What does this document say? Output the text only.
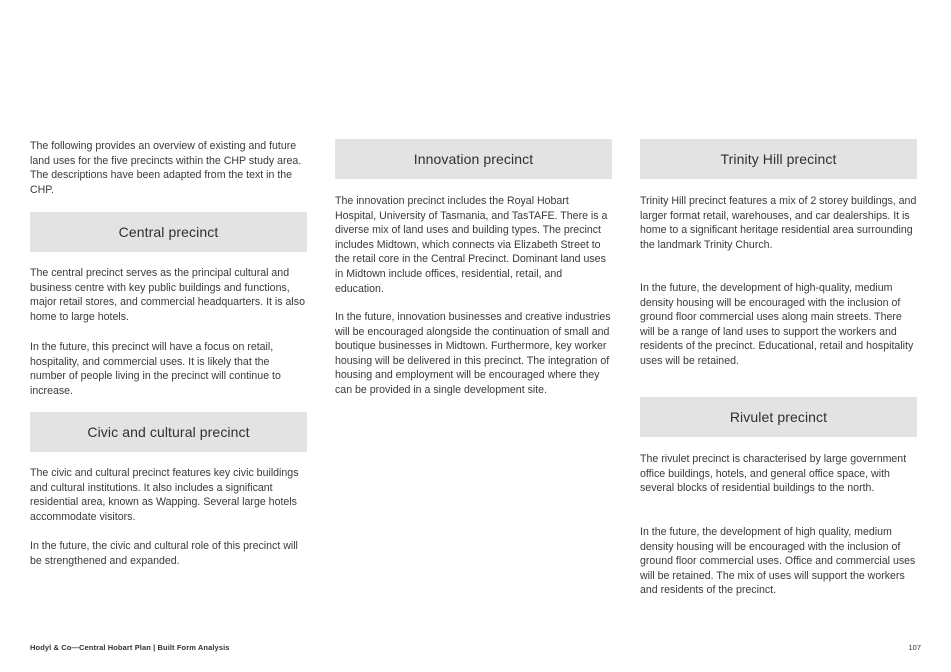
The following provides an overview of existing and future land uses for the five precincts within the CHP study area. The descriptions have been adapted from the text in the CHP.

Central precinct

The central precinct serves as the principal cultural and business centre with key public buildings and functions, major retail stores, and commercial headquarters. It is also home to large hotels.

In the future, this precinct will have a focus on retail, hospitality, and commercial uses. It is likely that the number of people living in the precinct will continue to increase.

Civic and cultural precinct

The civic and cultural precinct features key civic buildings and cultural institutions. It also includes a significant residential area, known as Wapping. Several large hotels accommodate visitors.

In the future, the civic and cultural role of this precinct will be strengthened and expanded.

Innovation precinct

The innovation precinct includes the Royal Hobart Hospital, University of Tasmania, and TasTAFE. There is a diverse mix of land uses and building types. The precinct includes Midtown, which connects via Elizabeth Street to the retail core in the Central Precinct. Dominant land uses in Midtown include offices, residential, retail, and education.

In the future, innovation businesses and creative industries will be encouraged alongside the continuation of small and boutique businesses in Midtown. Furthermore, key worker housing will be delivered in this precinct. The integration of housing and employment will be encouraged where they can be provided in a single development site.

Trinity Hill precinct

Trinity Hill precinct features a mix of 2 storey buildings, and larger format retail, warehouses, and car dealerships. It is home to a significant heritage residential area surrounding the landmark Trinity Church.

In the future, the development of high-quality, medium density housing will be encouraged with the inclusion of ground floor commercial uses along main streets. There will be a range of land uses to support the workers and residents of the precinct. Educational, retail and hospitality uses will be retained.

Rivulet precinct

The rivulet precinct is characterised by large government office buildings, hotels, and general office space, with several blocks of residential buildings to the north.

In the future, the development of high quality, medium density housing will be encouraged with the inclusion of ground floor commercial uses. Office and commercial uses will be retained. The mix of uses will support the workers and residents of the precinct.

Hodyl & Co—Central Hobart Plan | Built Form Analysis	107
